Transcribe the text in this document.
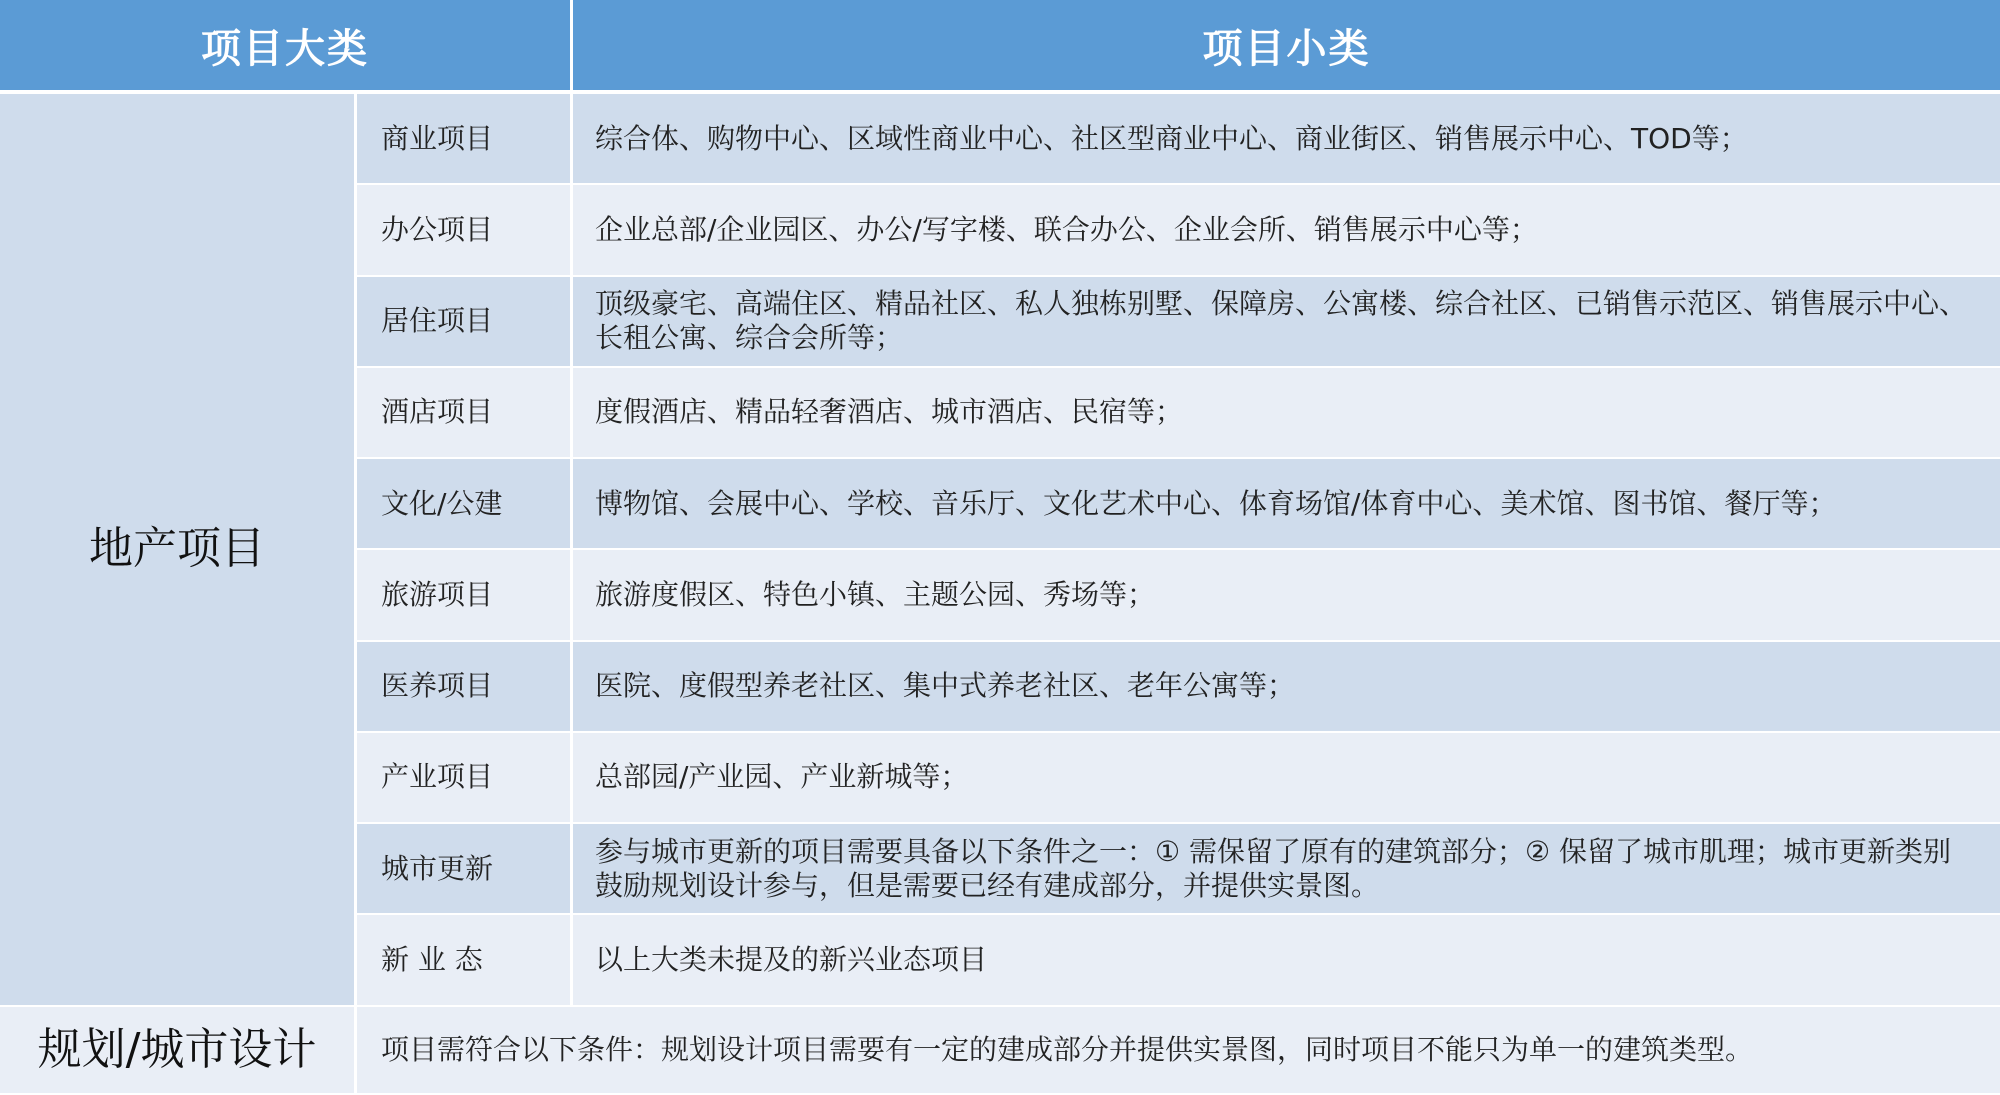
项目大类		项目小类
地产项目	商业项目	综合体、购物中心、区域性商业中心、社区型商业中心、商业街区、销售展示中心、TOD等；
	办公项目	企业总部/企业园区、办公/写字楼、联合办公、企业会所、销售展示中心等；
	居住项目	顶级豪宅、高端住区、精品社区、私人独栋别墅、保障房、公寓楼、综合社区、已销售示范区、销售展示中心、长租公寓、综合会所等；
	酒店项目	度假酒店、精品轻奢酒店、城市酒店、民宿等；
	文化/公建	博物馆、会展中心、学校、音乐厅、文化艺术中心、体育场馆/体育中心、美术馆、图书馆、餐厅等；
	旅游项目	旅游度假区、特色小镇、主题公园、秀场等；
	医养项目	医院、度假型养老社区、集中式养老社区、老年公寓等；
	产业项目	总部园/产业园、产业新城等；
	城市更新	参与城市更新的项目需要具备以下条件之一：① 需保留了原有的建筑部分；② 保留了城市肌理；城市更新类别鼓励规划设计参与，但是需要已经有建成部分，并提供实景图。
	新 业 态	以上大类未提及的新兴业态项目
规划/城市设计	项目需符合以下条件：规划设计项目需要有一定的建成部分并提供实景图，同时项目不能只为单一的建筑类型。	
